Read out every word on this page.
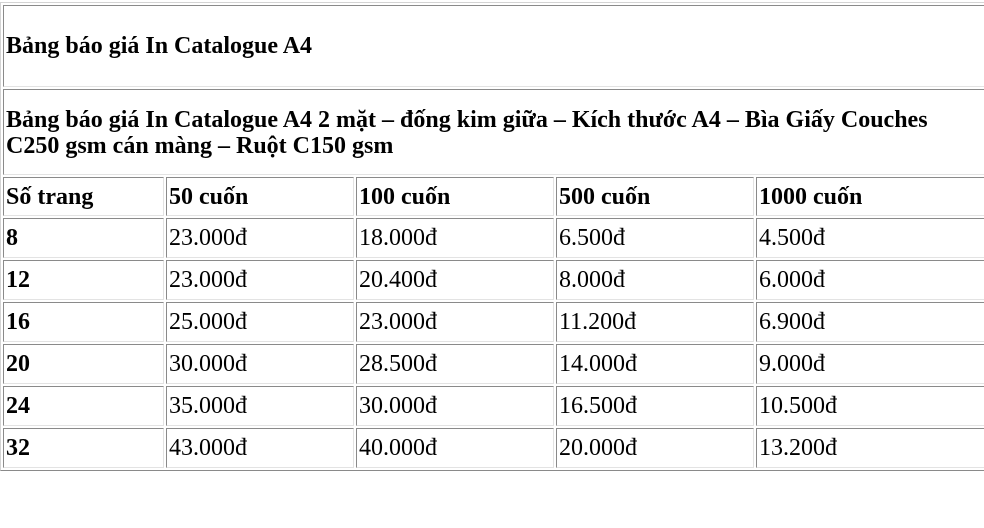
Bảng báo giá In Catalogue A4				
Bảng báo giá In Catalogue A4 2 mặt – đống kim giữa – Kích thước A4 – Bìa Giấy Couches C250 gsm cán màng – Ruột C150 gsm				
Số trang	50 cuốn	100 cuốn	500 cuốn	1000 cuốn
8	23.000đ	18.000đ	6.500đ	4.500đ
12	23.000đ	20.400đ	8.000đ	6.000đ
16	25.000đ	23.000đ	11.200đ	6.900đ
20	30.000đ	28.500đ	14.000đ	9.000đ
24	35.000đ	30.000đ	16.500đ	10.500đ
32	43.000đ	40.000đ	20.000đ	13.200đ
